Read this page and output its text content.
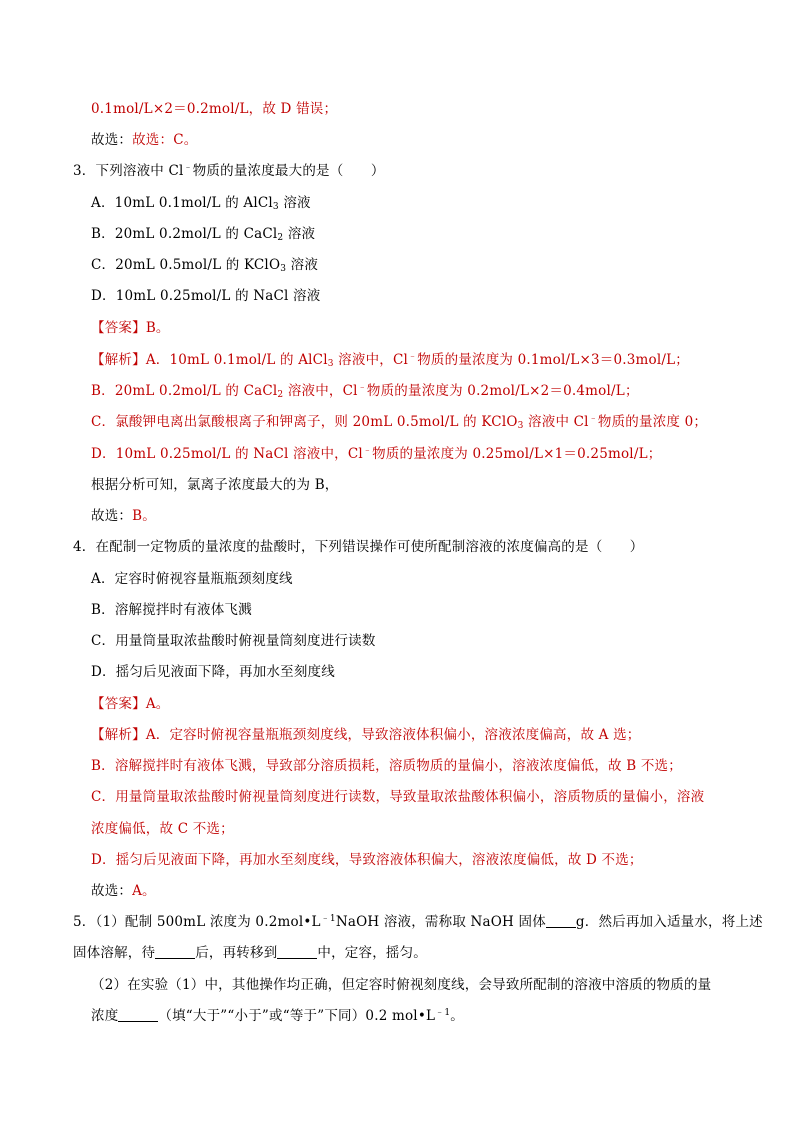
0.1mol/L×2＝0.2mol/L，故 D 错误；
故选：故选：C。
3．下列溶液中 Cl﹣物质的量浓度最大的是（　　）
A．10mL 0.1mol/L 的 AlCl$_3$ 溶液
B．20mL 0.2mol/L 的 CaCl$_2$ 溶液
C．20mL 0.5mol/L 的 KClO$_3$ 溶液
D．10mL 0.25mol/L 的 NaCl 溶液
【答案】B。
【解析】A．10mL 0.1mol/L 的 AlCl$_3$ 溶液中，Cl﹣物质的量浓度为 0.1mol/L×3＝0.3mol/L；
B．20mL 0.2mol/L 的 CaCl$_2$ 溶液中，Cl﹣物质的量浓度为 0.2mol/L×2＝0.4mol/L；
C．氯酸钾电离出氯酸根离子和钾离子，则 20mL 0.5mol/L 的 KClO$_3$ 溶液中 Cl﹣物质的量浓度 0；
D．10mL 0.25mol/L 的 NaCl 溶液中，Cl﹣物质的量浓度为 0.25mol/L×1＝0.25mol/L；
根据分析可知，氯离子浓度最大的为 B，
故选：B。
4．在配制一定物质的量浓度的盐酸时，下列错误操作可使所配制溶液的浓度偏高的是（　　）
A．定容时俯视容量瓶瓶颈刻度线
B．溶解搅拌时有液体飞溅
C．用量筒量取浓盐酸时俯视量筒刻度进行读数
D．摇匀后见液面下降，再加水至刻度线
【答案】A。
【解析】A．定容时俯视容量瓶瓶颈刻度线，导致溶液体积偏小，溶液浓度偏高，故 A 选；
B．溶解搅拌时有液体飞溅，导致部分溶质损耗，溶质物质的量偏小，溶液浓度偏低，故 B 不选；
C．用量筒量取浓盐酸时俯视量筒刻度进行读数，导致量取浓盐酸体积偏小，溶质物质的量偏小，溶液
浓度偏低，故 C 不选；
D．摇匀后见液面下降，再加水至刻度线，导致溶液体积偏大，溶液浓度偏低，故 D 不选；
故选：A。
5．（1）配制 500mL 浓度为 $0.2mol•L^{﹣1}NaOH$ 溶液，需称取 NaOH 固体 g．然后再加入适量水，将上述
固体溶解，待	后，再转移到	中，定容，摇匀。
（2）在实验（1）中，其他操作均正确，但定容时俯视刻度线，会导致所配制的溶液中溶质的物质的量
浓度	（填“大于”“小于”或“等于”下同）0.2 $mol•L^{﹣1}$。
